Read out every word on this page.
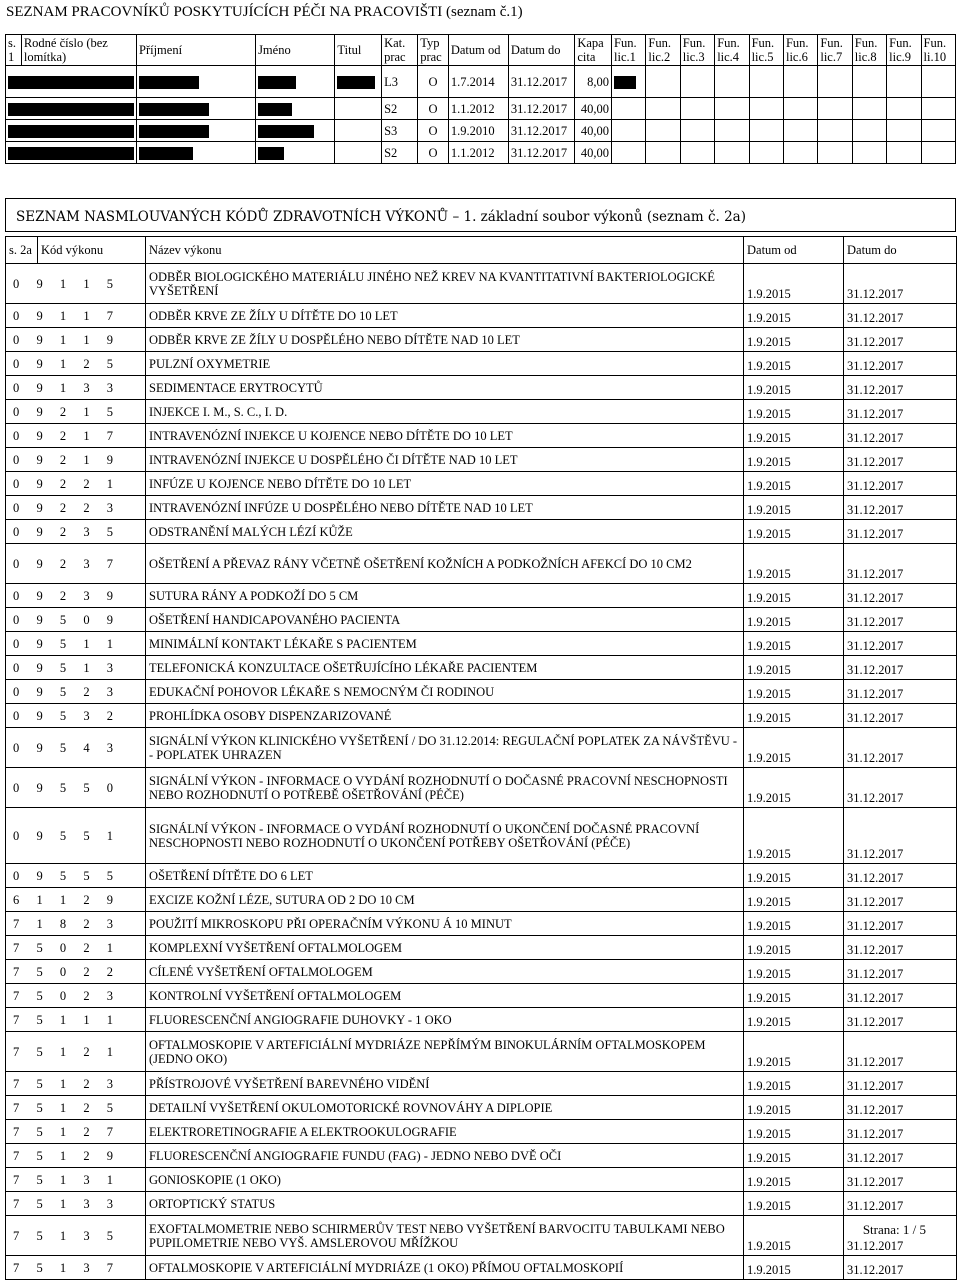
SEZNAM PRACOVNÍKŮ POSKYTUJÍCÍCH PÉČI NA PRACOVIŠTI (seznam č.1)
s. 1	Rodné číslo (bez lomítka)	Příjmení	Jméno	Titul	Kat. prac	Typ prac	Datum od	Datum do	Kapa cita	Fun. lic.1	Fun. lic.2	Fun. lic.3	Fun. lic.4	Fun. lic.5	Fun. lic.6	Fun. lic.7	Fun. lic.8	Fun. lic.9	Fun. li.10
					L3	O	1.7.2014	31.12.2017	8,00										
					S2	O	1.1.2012	31.12.2017	40,00										
					S3	O	1.9.2010	31.12.2017	40,00										
					S2	O	1.1.2012	31.12.2017	40,00										
SEZNAM NASMLOUVANÝCH KÓDŮ ZDRAVOTNÍCH VÝKONŮ – 1. základní soubor výkonů (seznam č. 2a)
s. 2a	Kód výkonu	Název výkonu	Datum od	Datum do

0 9 1 1 5		ODBĚR BIOLOGICKÉHO MATERIÁLU JINÉHO NEŽ KREV NA KVANTITATIVNÍ BAKTERIOLOGICKÉ VYŠETŘENÍ	1.9.2015	31.12.2017

0 9 1 1 7		ODBĚR KRVE ZE ŽÍLY U DÍTĚTE DO 10 LET	1.9.2015	31.12.2017

0 9 1 1 9		ODBĚR KRVE ZE ŽÍLY U DOSPĚLÉHO NEBO DÍTĚTE NAD 10 LET	1.9.2015	31.12.2017

0 9 1 2 5		PULZNÍ OXYMETRIE	1.9.2015	31.12.2017

0 9 1 3 3		SEDIMENTACE ERYTROCYTŮ	1.9.2015	31.12.2017

0 9 2 1 5		INJEKCE I. M., S. C., I. D.	1.9.2015	31.12.2017

0 9 2 1 7		INTRAVENÓZNÍ INJEKCE U KOJENCE NEBO DÍTĚTE DO 10 LET	1.9.2015	31.12.2017

0 9 2 1 9		INTRAVENÓZNÍ INJEKCE U DOSPĚLÉHO ČI DÍTĚTE NAD 10 LET	1.9.2015	31.12.2017

0 9 2 2 1		INFÚZE U KOJENCE NEBO DÍTĚTE DO 10 LET	1.9.2015	31.12.2017

0 9 2 2 3		INTRAVENÓZNÍ INFÚZE U DOSPĚLÉHO NEBO DÍTĚTE NAD 10 LET	1.9.2015	31.12.2017

0 9 2 3 5		ODSTRANĚNÍ MALÝCH LÉZÍ KŮŽE	1.9.2015	31.12.2017

0 9 2 3 7		OŠETŘENÍ A PŘEVAZ RÁNY VČETNĚ OŠETŘENÍ KOŽNÍCH A PODKOŽNÍCH AFEKCÍ DO 10 CM2	1.9.2015	31.12.2017

0 9 2 3 9		SUTURA RÁNY A PODKOŽÍ DO 5 CM	1.9.2015	31.12.2017

0 9 5 0 9		OŠETŘENÍ HANDICAPOVANÉHO PACIENTA	1.9.2015	31.12.2017

0 9 5 1 1		MINIMÁLNÍ KONTAKT LÉKAŘE S PACIENTEM	1.9.2015	31.12.2017

0 9 5 1 3		TELEFONICKÁ KONZULTACE OŠETŘUJÍCÍHO LÉKAŘE PACIENTEM	1.9.2015	31.12.2017

0 9 5 2 3		EDUKAČNÍ POHOVOR LÉKAŘE S NEMOCNÝM ČI RODINOU	1.9.2015	31.12.2017

0 9 5 3 2		PROHLÍDKA OSOBY DISPENZARIZOVANÉ	1.9.2015	31.12.2017

0 9 5 4 3		SIGNÁLNÍ VÝKON KLINICKÉHO VYŠETŘENÍ / DO 31.12.2014: REGULAČNÍ POPLATEK ZA NÁVŠTĚVU -- POPLATEK UHRAZEN	1.9.2015	31.12.2017

0 9 5 5 0		SIGNÁLNÍ VÝKON - INFORMACE O VYDÁNÍ ROZHODNUTÍ O DOČASNÉ PRACOVNÍ NESCHOPNOSTI NEBO ROZHODNUTÍ O POTŘEBĚ OŠETŘOVÁNÍ (PÉČE)	1.9.2015	31.12.2017

0 9 5 5 1		SIGNÁLNÍ VÝKON - INFORMACE O VYDÁNÍ ROZHODNUTÍ O UKONČENÍ DOČASNÉ PRACOVNÍ NESCHOPNOSTI NEBO ROZHODNUTÍ O UKONČENÍ POTŘEBY OŠETŘOVÁNÍ (PÉČE)	1.9.2015	31.12.2017

0 9 5 5 5		OŠETŘENÍ DÍTĚTE DO 6 LET	1.9.2015	31.12.2017

6 1 1 2 9		EXCIZE KOŽNÍ LÉZE, SUTURA OD 2 DO 10 CM	1.9.2015	31.12.2017

7 1 8 2 3		POUŽITÍ MIKROSKOPU PŘI OPERAČNÍM VÝKONU Á 10 MINUT	1.9.2015	31.12.2017

7 5 0 2 1		KOMPLEXNÍ VYŠETŘENÍ OFTALMOLOGEM	1.9.2015	31.12.2017

7 5 0 2 2		CÍLENÉ VYŠETŘENÍ OFTALMOLOGEM	1.9.2015	31.12.2017

7 5 0 2 3		KONTROLNÍ VYŠETŘENÍ OFTALMOLOGEM	1.9.2015	31.12.2017

7 5 1 1 1		FLUORESCENČNÍ ANGIOGRAFIE DUHOVKY - 1 OKO	1.9.2015	31.12.2017

7 5 1 2 1		OFTALMOSKOPIE V ARTEFICIÁLNÍ MYDRIÁZE NEPŘÍMÝM BINOKULÁRNÍM OFTALMOSKOPEM (JEDNO OKO)	1.9.2015	31.12.2017

7 5 1 2 3		PŘÍSTROJOVÉ VYŠETŘENÍ BAREVNÉHO VIDĚNÍ	1.9.2015	31.12.2017

7 5 1 2 5		DETAILNÍ VYŠETŘENÍ OKULOMOTORICKÉ ROVNOVÁHY A DIPLOPIE	1.9.2015	31.12.2017

7 5 1 2 7		ELEKTRORETINOGRAFIE A ELEKTROOKULOGRAFIE	1.9.2015	31.12.2017

7 5 1 2 9		FLUORESCENČNÍ ANGIOGRAFIE FUNDU (FAG) - JEDNO NEBO DVĚ OČI	1.9.2015	31.12.2017

7 5 1 3 1		GONIOSKOPIE (1 OKO)	1.9.2015	31.12.2017

7 5 1 3 3		ORTOPTICKÝ STATUS	1.9.2015	31.12.2017

7 5 1 3 5		EXOFTALMOMETRIE NEBO SCHIRMERŮV TEST NEBO VYŠETŘENÍ BARVOCITU TABULKAMI NEBO PUPILOMETRIE NEBO VYŠ. AMSLEROVOU MŘÍŽKOU	1.9.2015	31.12.2017

7 5 1 3 7		OFTALMOSKOPIE V ARTEFICIÁLNÍ MYDRIÁZE (1 OKO) PŘÍMOU OFTALMOSKOPIÍ	1.9.2015	31.12.2017
Strana: 1 / 5
